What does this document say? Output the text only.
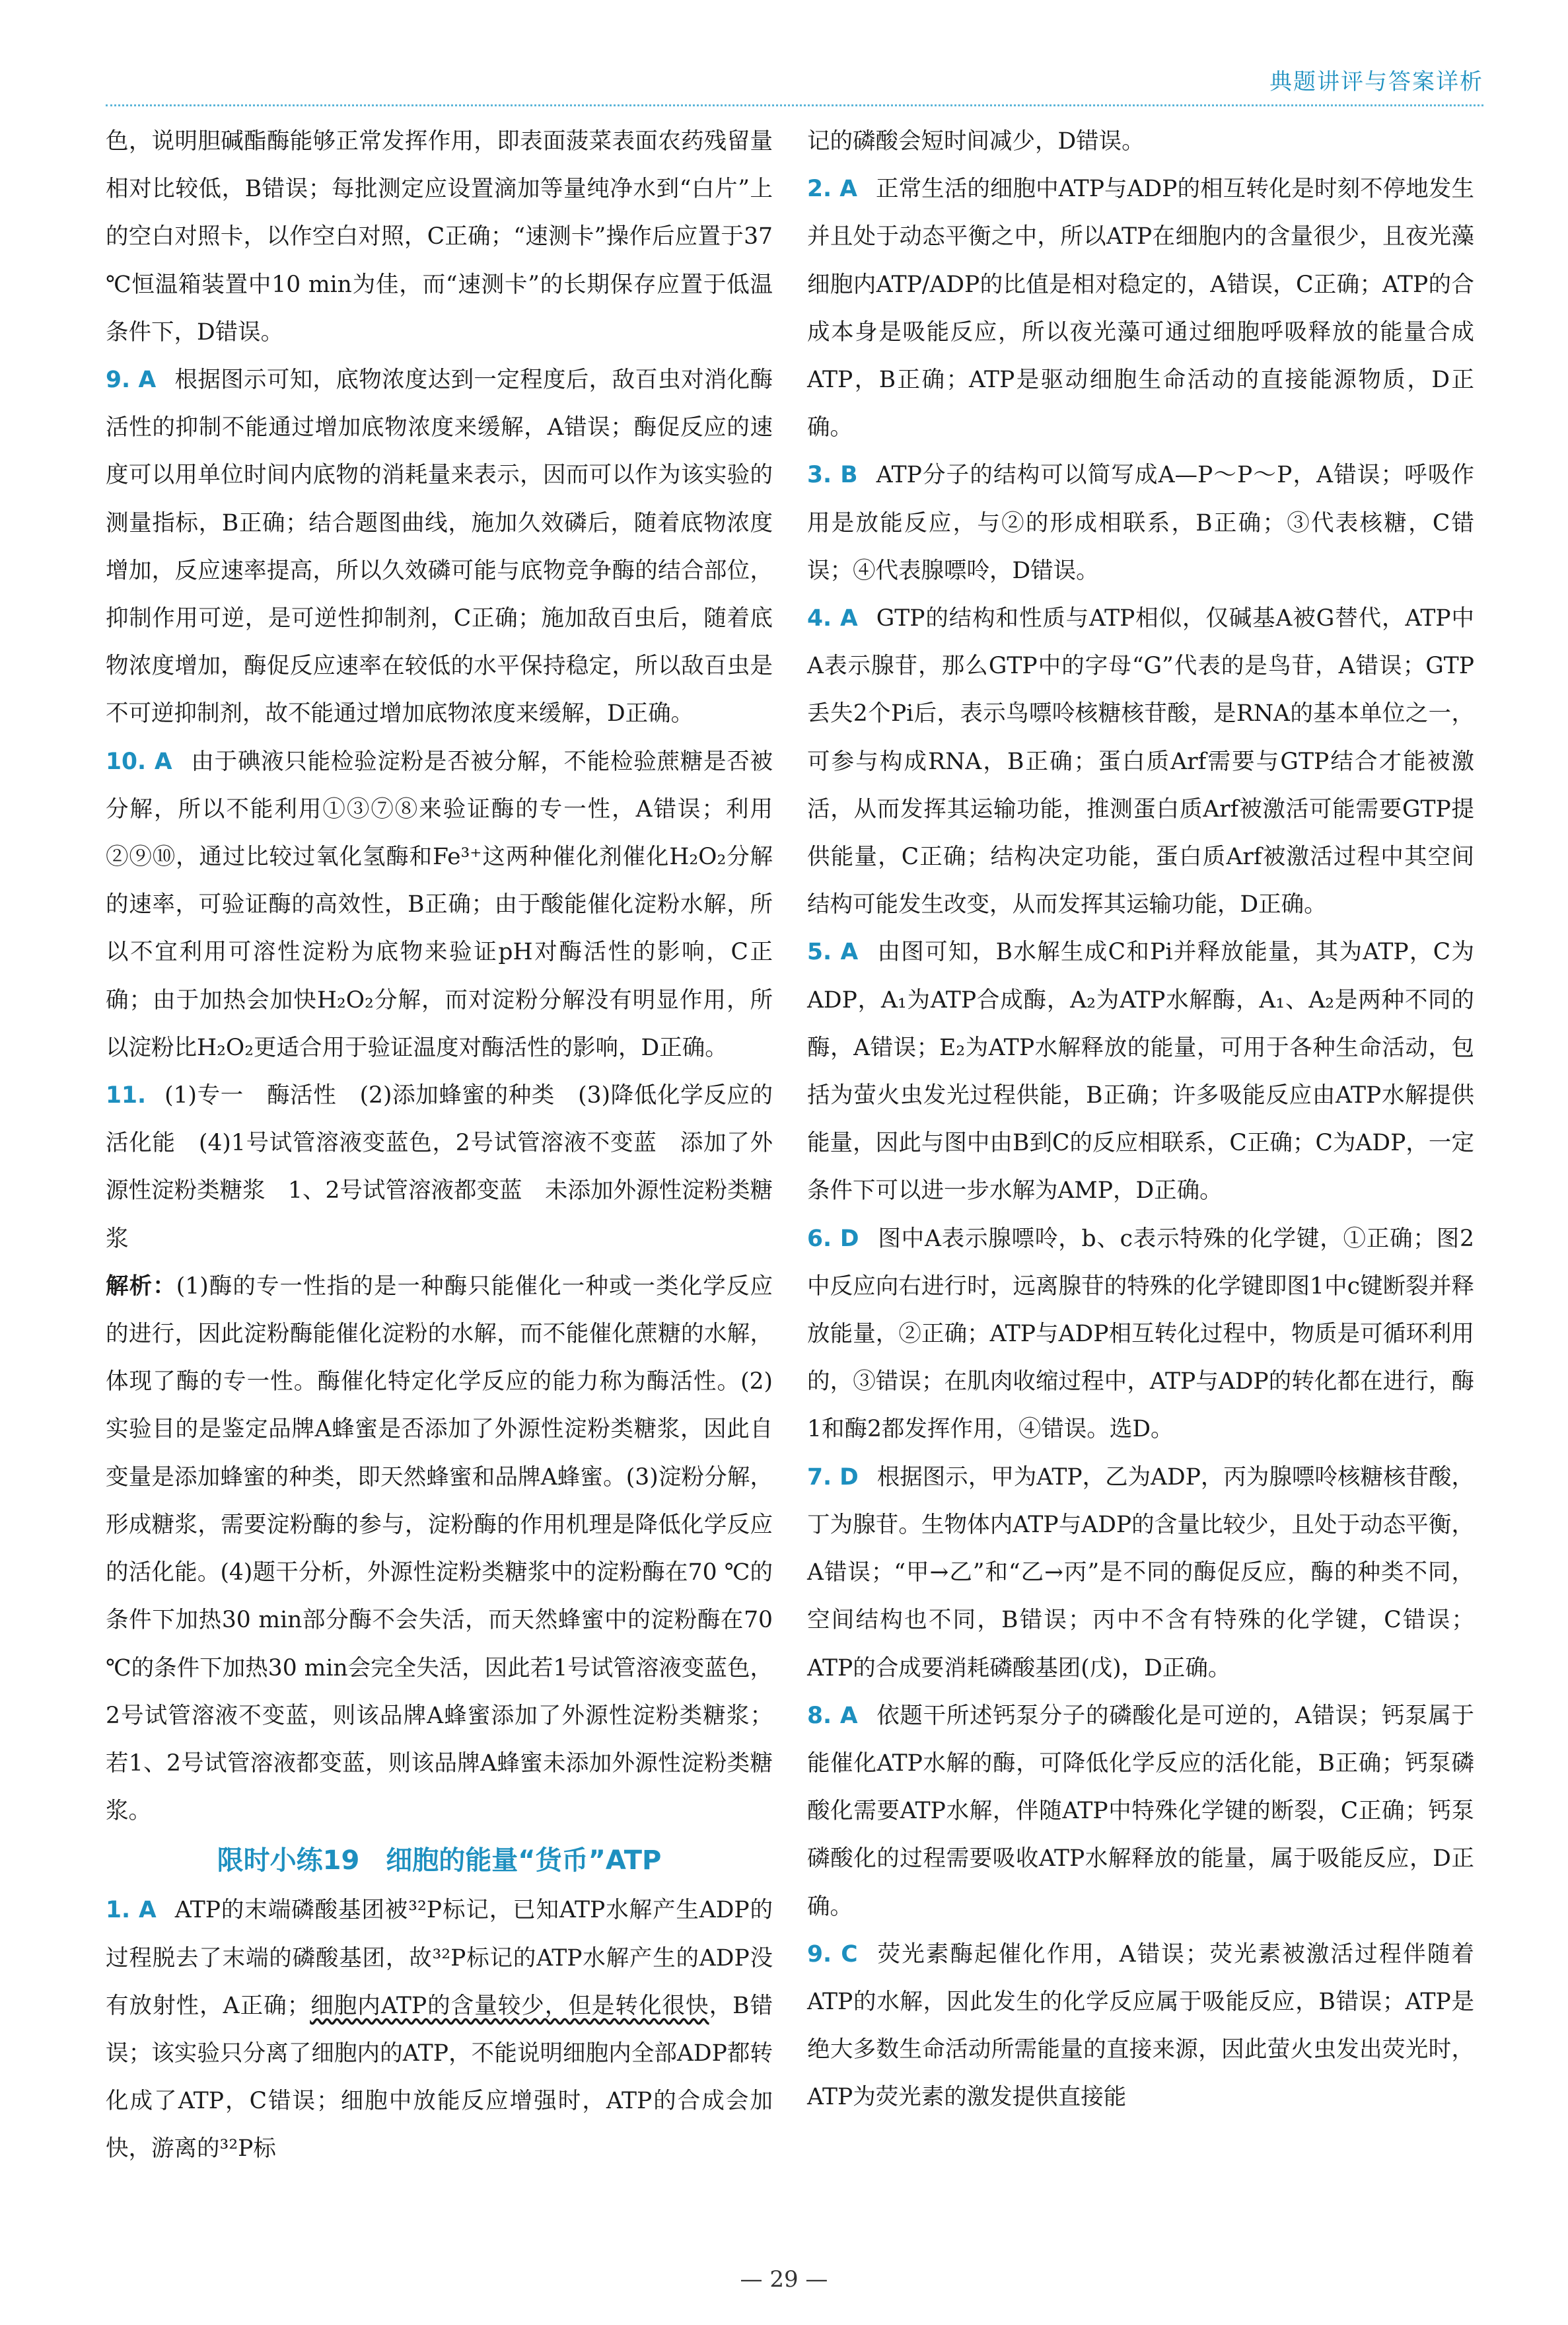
典题讲评与答案详析

色，说明胆碱酯酶能够正常发挥作用，即表面菠菜表面农药残留量相对比较低，B错误；每批测定应设置滴加等量纯净水到“白片”上的空白对照卡，以作空白对照，C正确；“速测卡”操作后应置于37 ℃恒温箱装置中10 min为佳，而“速测卡”的长期保存应置于低温条件下，D错误。

9. A 根据图示可知，底物浓度达到一定程度后，敌百虫对消化酶活性的抑制不能通过增加底物浓度来缓解，A错误；酶促反应的速度可以用单位时间内底物的消耗量来表示，因而可以作为该实验的测量指标，B正确；结合题图曲线，施加久效磷后，随着底物浓度增加，反应速率提高，所以久效磷可能与底物竞争酶的结合部位，抑制作用可逆，是可逆性抑制剂，C正确；施加敌百虫后，随着底物浓度增加，酶促反应速率在较低的水平保持稳定，所以敌百虫是不可逆抑制剂，故不能通过增加底物浓度来缓解，D正确。

10. A 由于碘液只能检验淀粉是否被分解，不能检验蔗糖是否被分解，所以不能利用①③⑦⑧来验证酶的专一性，A错误；利用②⑨⑩，通过比较过氧化氢酶和Fe³⁺这两种催化剂催化H₂O₂分解的速率，可验证酶的高效性，B正确；由于酸能催化淀粉水解，所以不宜利用可溶性淀粉为底物来验证pH对酶活性的影响，C正确；由于加热会加快H₂O₂分解，而对淀粉分解没有明显作用，所以淀粉比H₂O₂更适合用于验证温度对酶活性的影响，D正确。

11. (1)专一　酶活性　(2)添加蜂蜜的种类　(3)降低化学反应的活化能　(4)1号试管溶液变蓝色，2号试管溶液不变蓝　添加了外源性淀粉类糖浆　1、2号试管溶液都变蓝　未添加外源性淀粉类糖浆

解析：(1)酶的专一性指的是一种酶只能催化一种或一类化学反应的进行，因此淀粉酶能催化淀粉的水解，而不能催化蔗糖的水解，体现了酶的专一性。酶催化特定化学反应的能力称为酶活性。(2)实验目的是鉴定品牌A蜂蜜是否添加了外源性淀粉类糖浆，因此自变量是添加蜂蜜的种类，即天然蜂蜜和品牌A蜂蜜。(3)淀粉分解，形成糖浆，需要淀粉酶的参与，淀粉酶的作用机理是降低化学反应的活化能。(4)题干分析，外源性淀粉类糖浆中的淀粉酶在70 ℃的条件下加热30 min部分酶不会失活，而天然蜂蜜中的淀粉酶在70 ℃的条件下加热30 min会完全失活，因此若1号试管溶液变蓝色，2号试管溶液不变蓝，则该品牌A蜂蜜添加了外源性淀粉类糖浆；若1、2号试管溶液都变蓝，则该品牌A蜂蜜未添加外源性淀粉类糖浆。

限时小练19　细胞的能量“货币”ATP

1. A ATP的末端磷酸基团被³²P标记，已知ATP水解产生ADP的过程脱去了末端的磷酸基团，故³²P标记的ATP水解产生的ADP没有放射性，A正确；细胞内ATP的含量较少，但是转化很快，B错误；该实验只分离了细胞内的ATP，不能说明细胞内全部ADP都转化成了ATP，C错误；细胞中放能反应增强时，ATP的合成会加快，游离的³²P标

记的磷酸会短时间减少，D错误。

2. A 正常生活的细胞中ATP与ADP的相互转化是时刻不停地发生并且处于动态平衡之中，所以ATP在细胞内的含量很少，且夜光藻细胞内ATP/ADP的比值是相对稳定的，A错误，C正确；ATP的合成本身是吸能反应，所以夜光藻可通过细胞呼吸释放的能量合成ATP，B正确；ATP是驱动细胞生命活动的直接能源物质，D正确。

3. B ATP分子的结构可以简写成A—P～P～P，A错误；呼吸作用是放能反应，与②的形成相联系，B正确；③代表核糖，C错误；④代表腺嘌呤，D错误。

4. A GTP的结构和性质与ATP相似，仅碱基A被G替代，ATP中A表示腺苷，那么GTP中的字母“G”代表的是鸟苷，A错误；GTP丢失2个Pi后，表示鸟嘌呤核糖核苷酸，是RNA的基本单位之一，可参与构成RNA，B正确；蛋白质Arf需要与GTP结合才能被激活，从而发挥其运输功能，推测蛋白质Arf被激活可能需要GTP提供能量，C正确；结构决定功能，蛋白质Arf被激活过程中其空间结构可能发生改变，从而发挥其运输功能，D正确。

5. A 由图可知，B水解生成C和Pi并释放能量，其为ATP，C为ADP，A₁为ATP合成酶，A₂为ATP水解酶，A₁、A₂是两种不同的酶，A错误；E₂为ATP水解释放的能量，可用于各种生命活动，包括为萤火虫发光过程供能，B正确；许多吸能反应由ATP水解提供能量，因此与图中由B到C的反应相联系，C正确；C为ADP，一定条件下可以进一步水解为AMP，D正确。

6. D 图中A表示腺嘌呤，b、c表示特殊的化学键，①正确；图2中反应向右进行时，远离腺苷的特殊的化学键即图1中c键断裂并释放能量，②正确；ATP与ADP相互转化过程中，物质是可循环利用的，③错误；在肌肉收缩过程中，ATP与ADP的转化都在进行，酶1和酶2都发挥作用，④错误。选D。

7. D 根据图示，甲为ATP，乙为ADP，丙为腺嘌呤核糖核苷酸，丁为腺苷。生物体内ATP与ADP的含量比较少，且处于动态平衡，A错误；“甲→乙”和“乙→丙”是不同的酶促反应，酶的种类不同，空间结构也不同，B错误；丙中不含有特殊的化学键，C错误；ATP的合成要消耗磷酸基团(戊)，D正确。

8. A 依题干所述钙泵分子的磷酸化是可逆的，A错误；钙泵属于能催化ATP水解的酶，可降低化学反应的活化能，B正确；钙泵磷酸化需要ATP水解，伴随ATP中特殊化学键的断裂，C正确；钙泵磷酸化的过程需要吸收ATP水解释放的能量，属于吸能反应，D正确。

9. C 荧光素酶起催化作用，A错误；荧光素被激活过程伴随着ATP的水解，因此发生的化学反应属于吸能反应，B错误；ATP是绝大多数生命活动所需能量的直接来源，因此萤火虫发出荧光时，ATP为荧光素的激发提供直接能

— 29 —
